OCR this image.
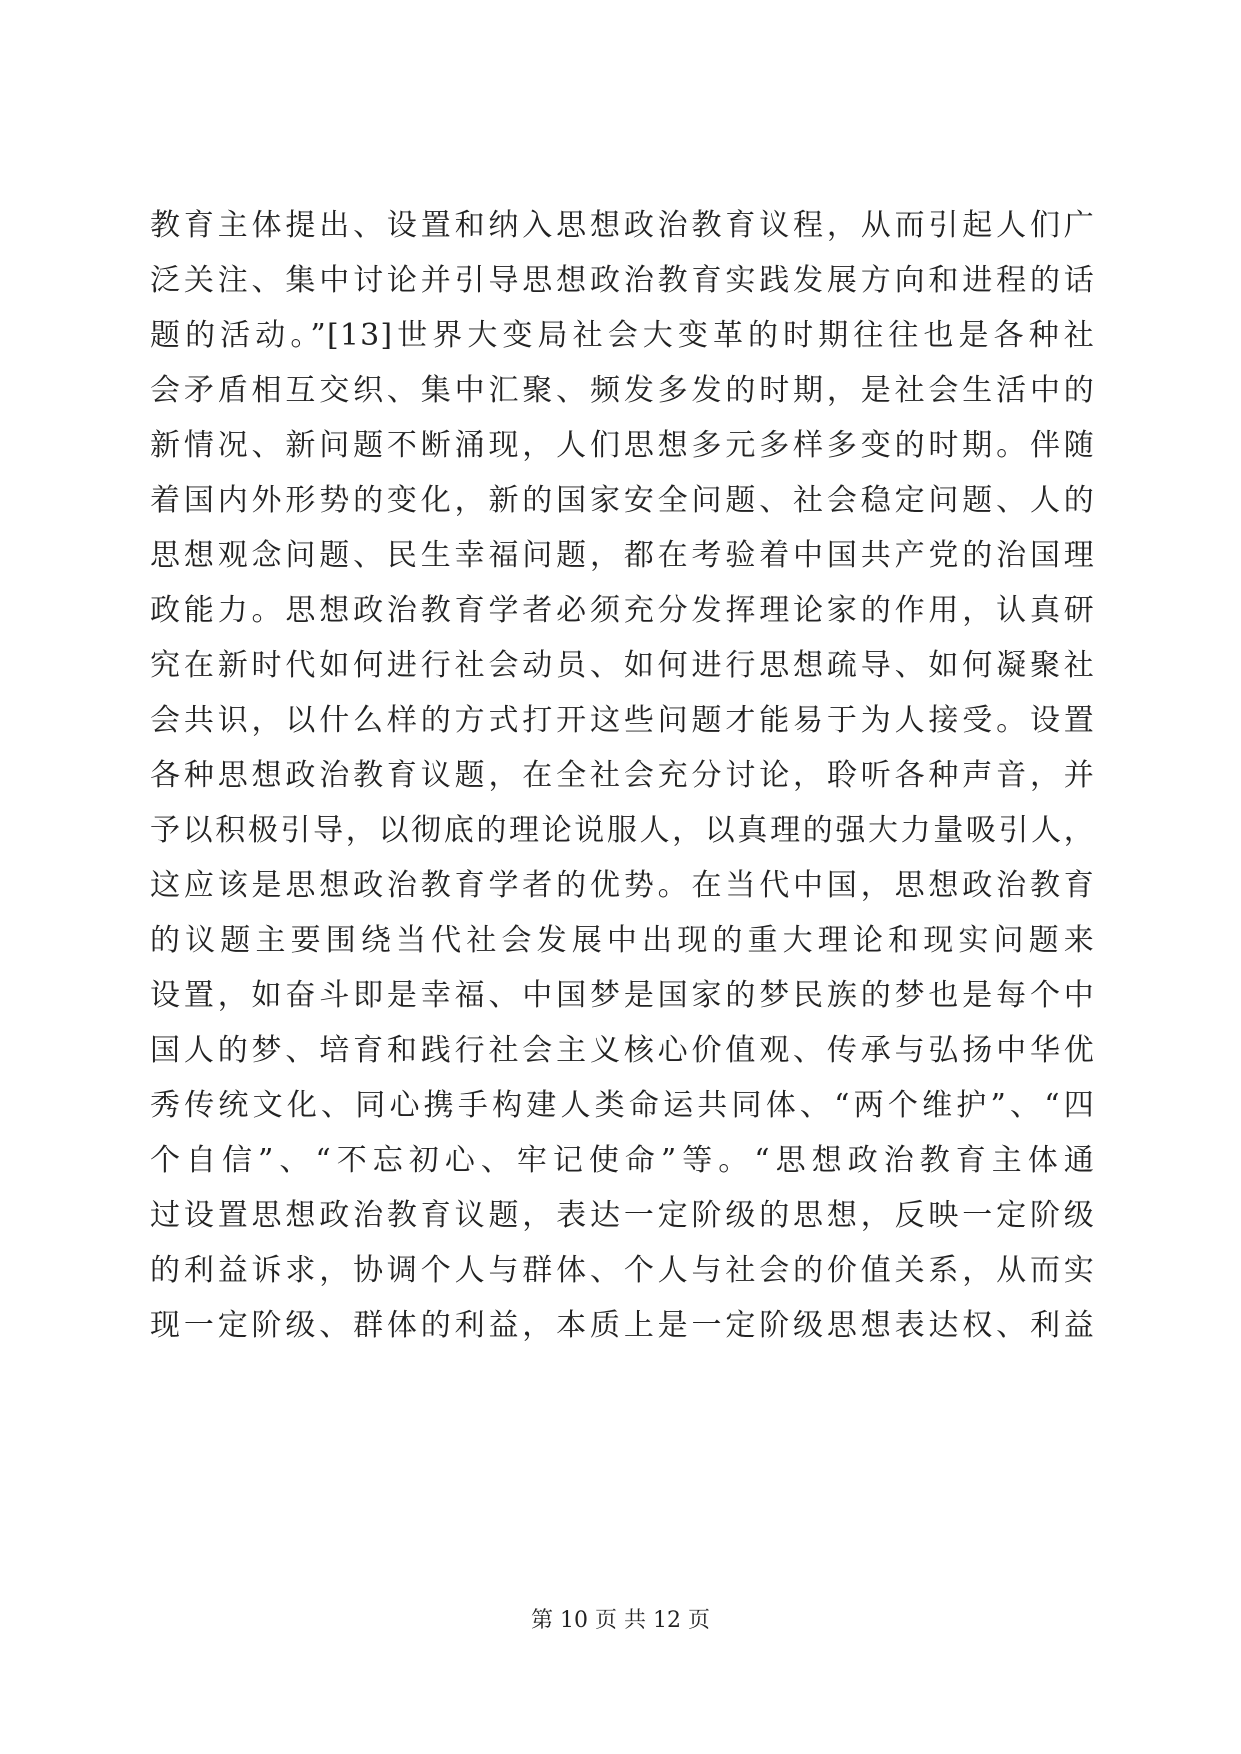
教育主体提出、设置和纳入思想政治教育议程，从而引起人们广
泛关注、集中讨论并引导思想政治教育实践发展方向和进程的话
题的活动。”[13]世界大变局社会大变革的时期往往也是各种社
会矛盾相互交织、集中汇聚、频发多发的时期，是社会生活中的
新情况、新问题不断涌现，人们思想多元多样多变的时期。伴随
着国内外形势的变化，新的国家安全问题、社会稳定问题、人的
思想观念问题、民生幸福问题，都在考验着中国共产党的治国理
政能力。思想政治教育学者必须充分发挥理论家的作用，认真研
究在新时代如何进行社会动员、如何进行思想疏导、如何凝聚社
会共识，以什么样的方式打开这些问题才能易于为人接受。设置
各种思想政治教育议题，在全社会充分讨论，聆听各种声音，并
予以积极引导，以彻底的理论说服人，以真理的强大力量吸引人，
这应该是思想政治教育学者的优势。在当代中国，思想政治教育
的议题主要围绕当代社会发展中出现的重大理论和现实问题来
设置，如奋斗即是幸福、中国梦是国家的梦民族的梦也是每个中
国人的梦、培育和践行社会主义核心价值观、传承与弘扬中华优
秀传统文化、同心携手构建人类命运共同体、“两个维护”、“四
个自信”、“不忘初心、牢记使命”等。“思想政治教育主体通
过设置思想政治教育议题，表达一定阶级的思想，反映一定阶级
的利益诉求，协调个人与群体、个人与社会的价值关系，从而实
现一定阶级、群体的利益，本质上是一定阶级思想表达权、利益
第 10 页 共 12 页
